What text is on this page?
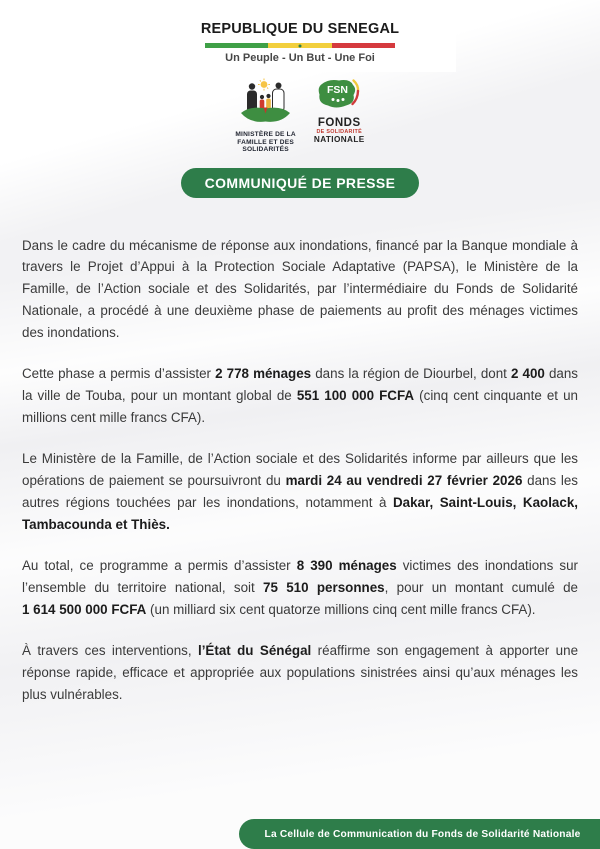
REPUBLIQUE DU SENEGAL
Un Peuple - Un But - Une Foi
MINISTÈRE DE LA
FAMILLE ET DES
SOLIDARITÉS
FSN
FONDS
DE SOLIDARITÉ
NATIONALE
COMMUNIQUÉ DE PRESSE

Dans le cadre du mécanisme de réponse aux inondations, financé par la Banque mondiale à travers le Projet d’Appui à la Protection Sociale Adaptative (PAPSA), le Ministère de la Famille, de l’Action sociale et des Solidarités, par l’intermédiaire du Fonds de Solidarité Nationale, a procédé à une deuxième phase de paiements au profit des ménages victimes des inondations.

Cette phase a permis d’assister 2 778 ménages dans la région de Diourbel, dont 2 400 dans la ville de Touba, pour un montant global de 551 100 000 FCFA (cinq cent cinquante et un millions cent mille francs CFA).

Le Ministère de la Famille, de l’Action sociale et des Solidarités informe par ailleurs que les opérations de paiement se poursuivront du mardi 24 au vendredi 27 février 2026 dans les autres régions touchées par les inondations, notamment à Dakar, Saint-Louis, Kaolack, Tambacounda et Thiès.

Au total, ce programme a permis d’assister 8 390 ménages victimes des inondations sur l’ensemble du territoire national, soit 75 510 personnes, pour un montant cumulé de 1 614 500 000 FCFA (un milliard six cent quatorze millions cinq cent mille francs CFA).

À travers ces interventions, l’État du Sénégal réaffirme son engagement à apporter une réponse rapide, efficace et appropriée aux populations sinistrées ainsi qu’aux ménages les plus vulnérables.

La Cellule de Communication du Fonds de Solidarité Nationale
